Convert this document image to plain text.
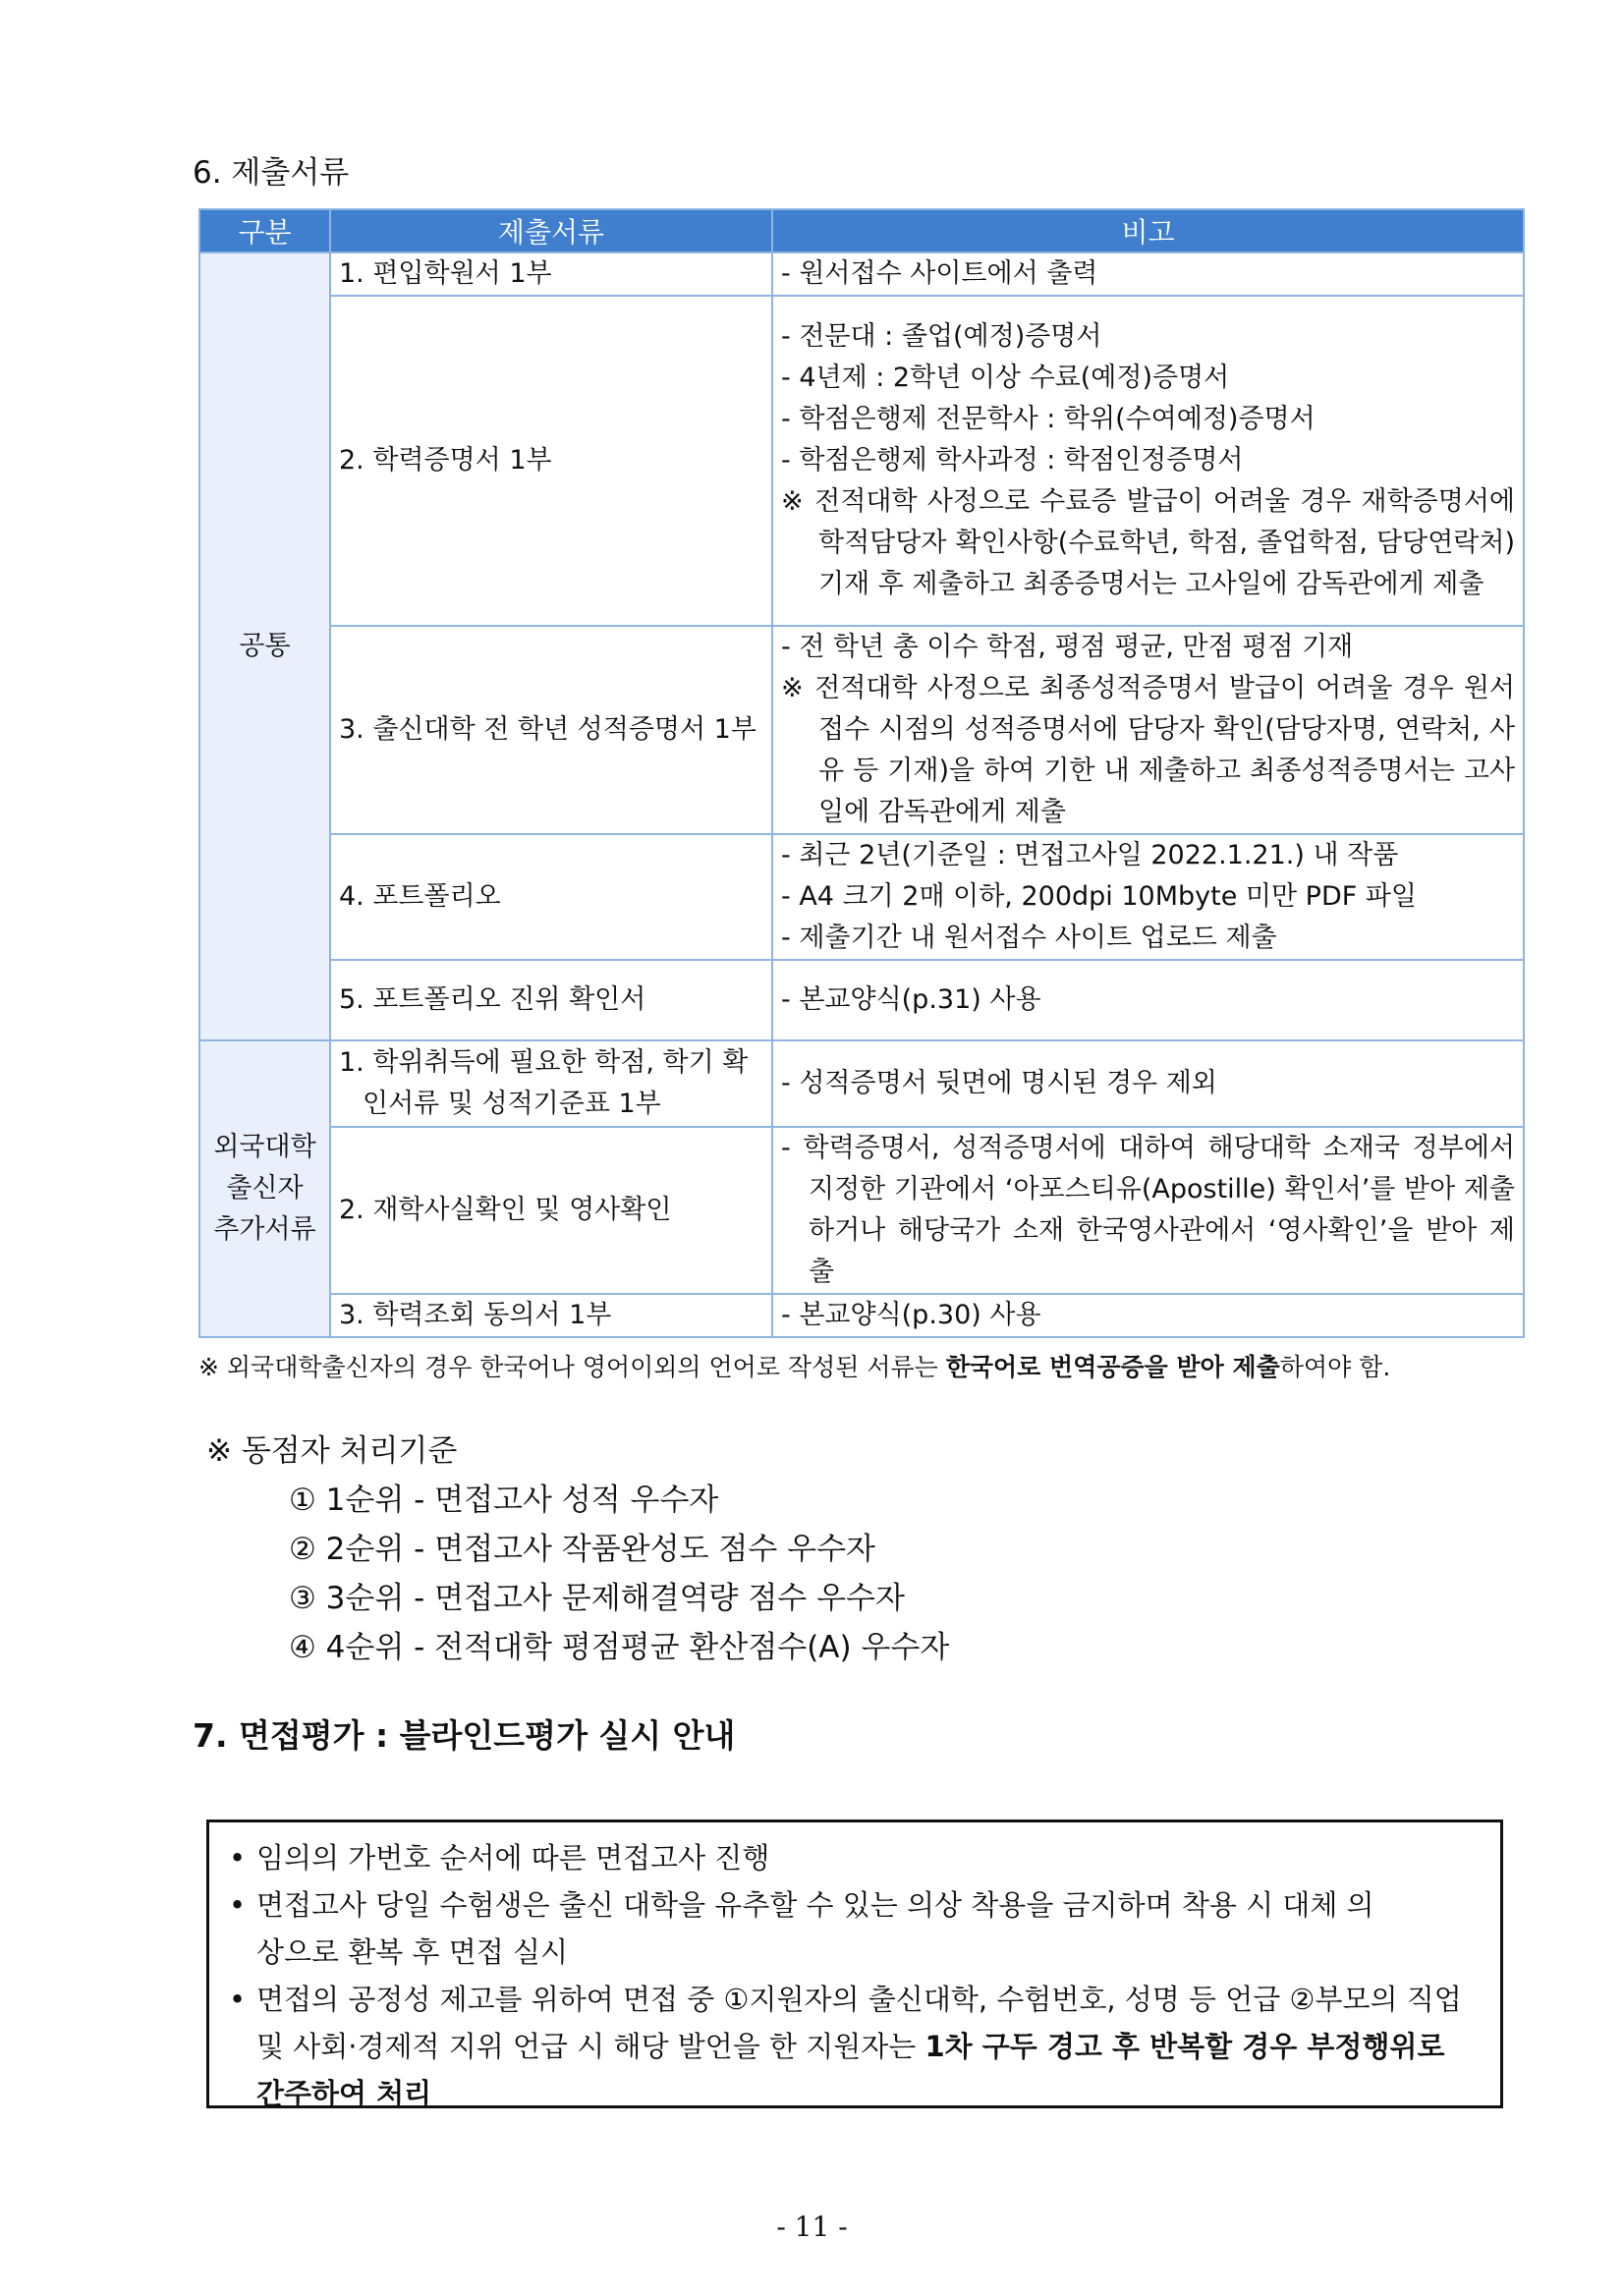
6. 제출서류
구분	제출서류	비고
공통	1. 편입학원서 1부	- 원서접수 사이트에서 출력

	2. 학력증명서 1부	- 전문대 : 졸업(예정)증명서
- 4년제 : 2학년 이상 수료(예정)증명서
- 학점은행제 전문학사 : 학위(수여예정)증명서
- 학점은행제 학사과정 : 학점인정증명서
※ 전적대학 사정으로 수료증 발급이 어려울 경우 재학증명서에 학적담당자 확인사항(수료학년, 학점, 졸업학점, 담당연락처) 기재 후 제출하고 최종증명서는 고사일에 감독관에게 제출

	3. 출신대학 전 학년 성적증명서 1부	- 전 학년 총 이수 학점, 평점 평균, 만점 평점 기재
※ 전적대학 사정으로 최종성적증명서 발급이 어려울 경우 원서접수 시점의 성적증명서에 담당자 확인(담당자명, 연락처, 사유 등 기재)을 하여 기한 내 제출하고 최종성적증명서는 고사일에 감독관에게 제출

	4. 포트폴리오	- 최근 2년(기준일 : 면접고사일 2022.1.21.) 내 작품
- A4 크기 2매 이하, 200dpi 10Mbyte 미만 PDF 파일
- 제출기간 내 원서접수 사이트 업로드 제출

	5. 포트폴리오 진위 확인서	- 본교양식(p.31) 사용

외국대학
출신자
추가서류	1. 학위취득에 필요한 학점, 학기 확인서류 및 성적기준표 1부	- 성적증명서 뒷면에 명시된 경우 제외

	2. 재학사실확인 및 영사확인	- 학력증명서, 성적증명서에 대하여 해당대학 소재국 정부에서 지정한 기관에서 ‘아포스티유(Apostille) 확인서’를 받아 제출하거나 해당국가 소재 한국영사관에서 ‘영사확인’을 받아 제출

	3. 학력조회 동의서 1부	- 본교양식(p.30) 사용
※ 외국대학출신자의 경우 한국어나 영어이외의 언어로 작성된 서류는 한국어로 번역공증을 받아 제출하여야 함.
※ 동점자 처리기준
① 1순위 - 면접고사 성적 우수자
② 2순위 - 면접고사 작품완성도 점수 우수자
③ 3순위 - 면접고사 문제해결역량 점수 우수자
④ 4순위 - 전적대학 평점평균 환산점수(A) 우수자
7. 면접평가 : 블라인드평가 실시 안내
• 임의의 가번호 순서에 따른 면접고사 진행
• 면접고사 당일 수험생은 출신 대학을 유추할 수 있는 의상 착용을 금지하며 착용 시 대체 의상으로 환복 후 면접 실시
• 면접의 공정성 제고를 위하여 면접 중 ①지원자의 출신대학, 수험번호, 성명 등 언급 ②부모의 직업 및 사회·경제적 지위 언급 시 해당 발언을 한 지원자는 1차 구두 경고 후 반복할 경우 부정행위로 간주하여 처리
- 11 -
